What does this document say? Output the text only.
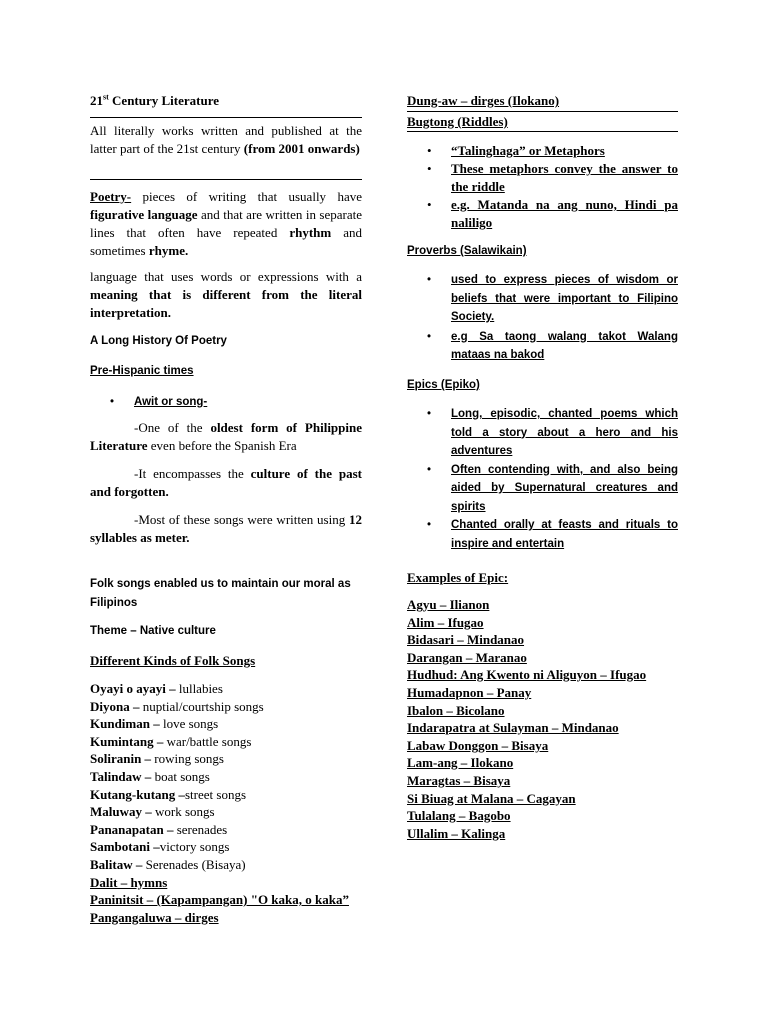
21st Century Literature
All literally works written and published at the latter part of the 21st century (from 2001 onwards)
Poetry- pieces of writing that usually have figurative language and that are written in separate lines that often have repeated rhythm and sometimes rhyme.
language that uses words or expressions with a meaning that is different from the literal interpretation.
A Long History Of Poetry
Pre-Hispanic times
• Awit or song-

-One of the oldest form of Philippine Literature even before the Spanish Era

-It encompasses the culture of the past and forgotten.

-Most of these songs were written using 12 syllables as meter.

Folk songs enabled us to maintain our moral as Filipinos
Theme – Native culture
Different Kinds of Folk Songs
Oyayi o ayayi – lullabies
Diyona – nuptial/courtship songs
Kundiman – love songs
Kumintang – war/battle songs
Soliranin – rowing songs
Talindaw – boat songs
Kutang-kutang –street songs
Maluway – work songs
Pananapatan – serenades
Sambotani –victory songs
Balitaw – Serenades (Bisaya)
Dalit – hymns
Paninitsit – (Kapampangan) "O kaka, o kaka”
Pangangaluwa – dirges
Dung-aw – dirges (Ilokano)
Bugtong (Riddles)
• “Talinghaga” or Metaphors
• These metaphors convey the answer to the riddle
• e.g. Matanda na ang nuno, Hindi pa naliligo
Proverbs (Salawikain)
• used to express pieces of wisdom or beliefs that were important to Filipino Society.
• e.g Sa taong walang takot Walang mataas na bakod
Epics (Epiko)
• Long, episodic, chanted poems which told a story about a hero and his adventures
• Often contending with, and also being aided by Supernatural creatures and spirits
• Chanted orally at feasts and rituals to inspire and entertain
Examples of Epic:
Agyu – Ilianon
Alim – Ifugao
Bidasari – Mindanao
Darangan – Maranao
Hudhud: Ang Kwento ni Aliguyon – Ifugao
Humadapnon – Panay
Ibalon – Bicolano
Indarapatra at Sulayman – Mindanao
Labaw Donggon – Bisaya
Lam-ang – Ilokano
Maragtas – Bisaya
Si Biuag at Malana – Cagayan
Tulalang – Bagobo
Ullalim – Kalinga
